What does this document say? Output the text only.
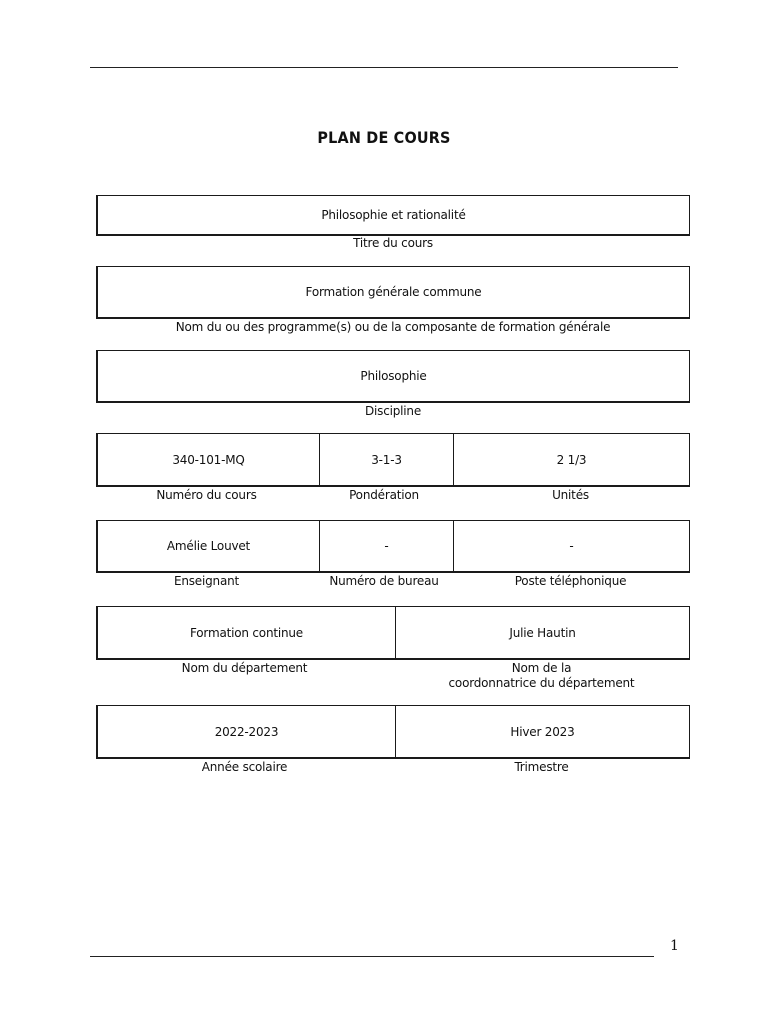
PLAN DE COURS
Philosophie et rationalité
Titre du cours
Formation générale commune
Nom du ou des programme(s) ou de la composante de formation générale
Philosophie
Discipline
340-101-MQ	3-1-3	2 1/3
Numéro du cours	Pondération	Unités
Amélie Louvet	-	-
Enseignant	Numéro de bureau	Poste téléphonique
Formation continue	Julie Hautin
Nom du département	Nom de la
coordonnatrice du département
2022-2023	Hiver 2023
Année scolaire	Trimestre
1
